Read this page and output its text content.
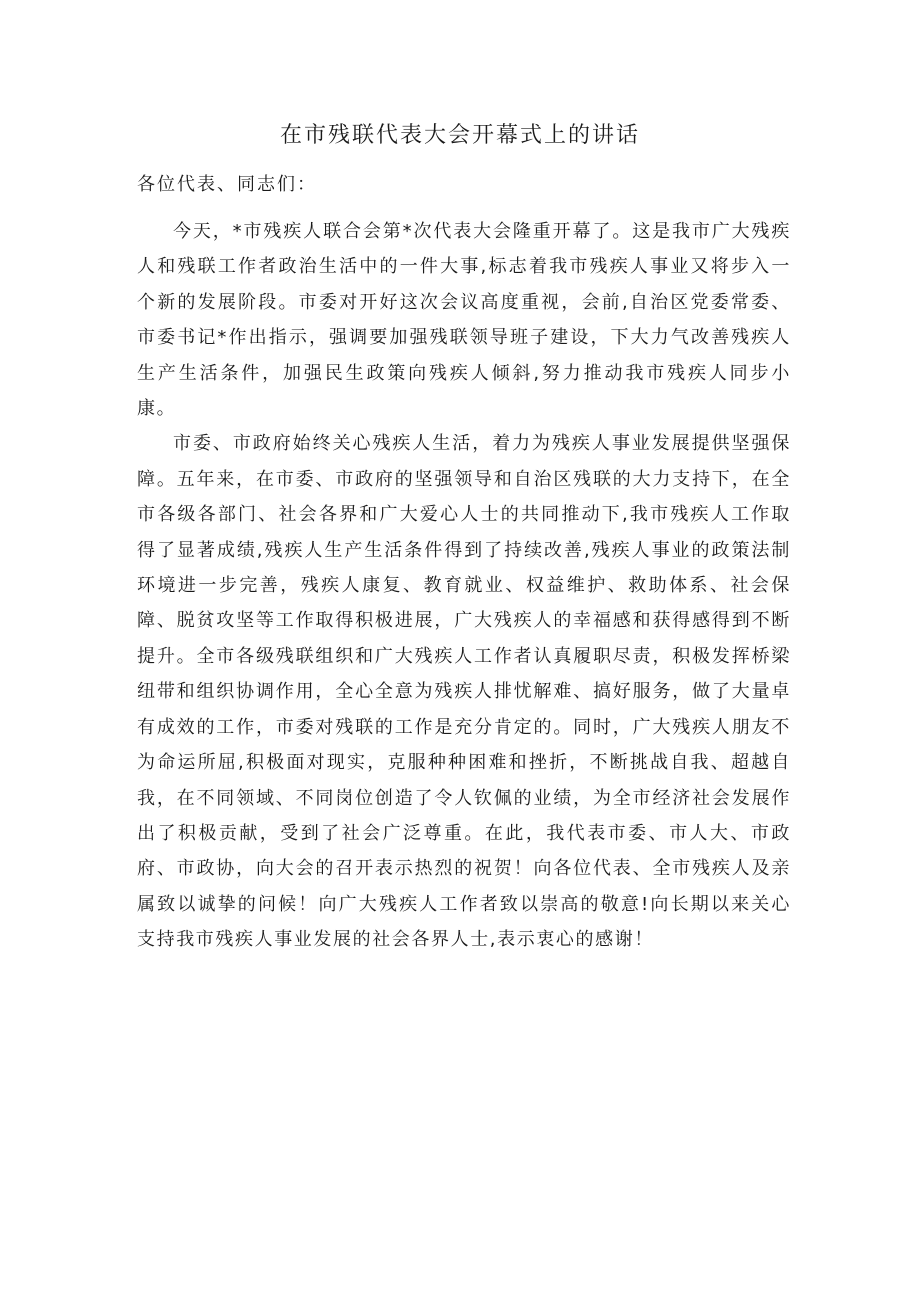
在市残联代表大会开幕式上的讲话

各位代表、同志们：

今天，*市残疾人联合会第*次代表大会隆重开幕了。这是我市广大残疾人和残联工作者政治生活中的一件大事,标志着我市残疾人事业又将步入一个新的发展阶段。市委对开好这次会议高度重视，会前,自治区党委常委、市委书记*作出指示，强调要加强残联领导班子建设，下大力气改善残疾人生产生活条件，加强民生政策向残疾人倾斜,努力推动我市残疾人同步小康。

市委、市政府始终关心残疾人生活，着力为残疾人事业发展提供坚强保障。五年来，在市委、市政府的坚强领导和自治区残联的大力支持下，在全市各级各部门、社会各界和广大爱心人士的共同推动下,我市残疾人工作取得了显著成绩,残疾人生产生活条件得到了持续改善,残疾人事业的政策法制环境进一步完善，残疾人康复、教育就业、权益维护、救助体系、社会保障、脱贫攻坚等工作取得积极进展，广大残疾人的幸福感和获得感得到不断提升。全市各级残联组织和广大残疾人工作者认真履职尽责，积极发挥桥梁纽带和组织协调作用，全心全意为残疾人排忧解难、搞好服务，做了大量卓有成效的工作，市委对残联的工作是充分肯定的。同时，广大残疾人朋友不为命运所屈,积极面对现实，克服种种困难和挫折，不断挑战自我、超越自我，在不同领域、不同岗位创造了令人钦佩的业绩，为全市经济社会发展作出了积极贡献，受到了社会广泛尊重。在此，我代表市委、市人大、市政府、市政协，向大会的召开表示热烈的祝贺！向各位代表、全市残疾人及亲属致以诚挚的问候！向广大残疾人工作者致以崇高的敬意!向长期以来关心支持我市残疾人事业发展的社会各界人士,表示衷心的感谢！
